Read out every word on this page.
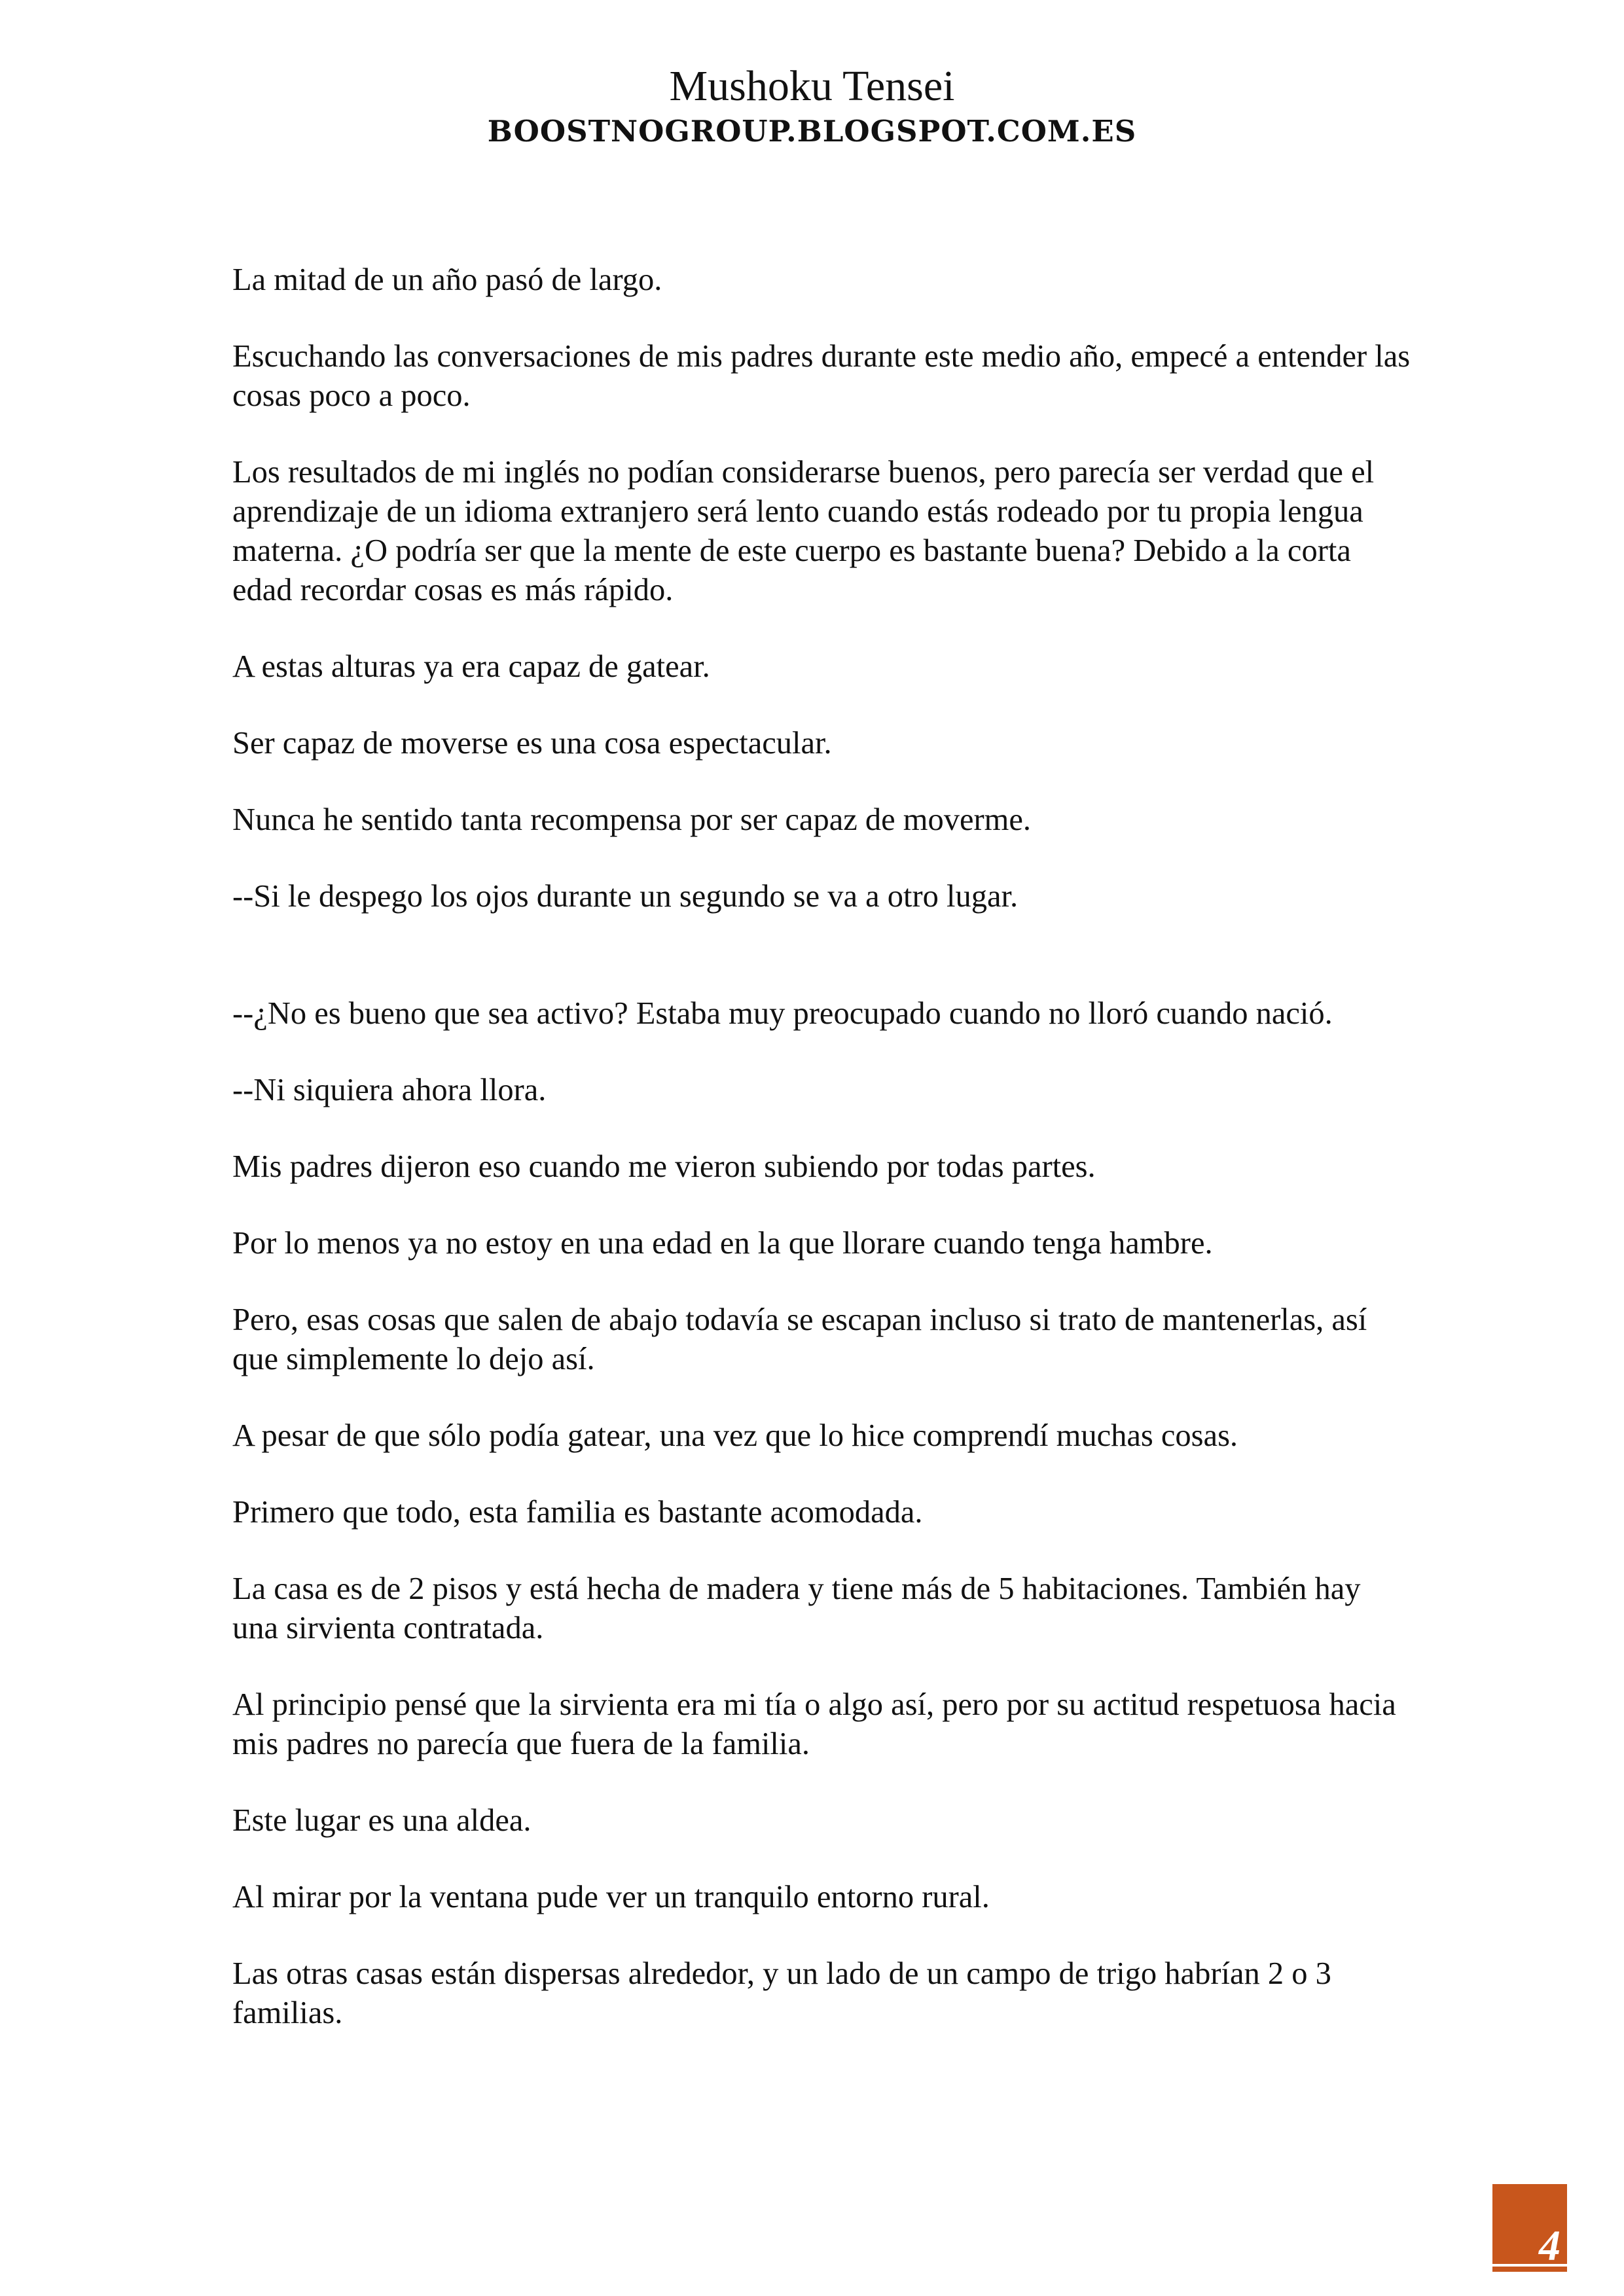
Mushoku Tensei
BOOSTNOGROUP.BLOGSPOT.COM.ES

La mitad de un año pasó de largo.

Escuchando las conversaciones de mis padres durante este medio año, empecé a entender las cosas poco a poco.

Los resultados de mi inglés no podían considerarse buenos, pero parecía ser verdad que el aprendizaje de un idioma extranjero será lento cuando estás rodeado por tu propia lengua materna. ¿O podría ser que la mente de este cuerpo es bastante buena? Debido a la corta edad recordar cosas es más rápido.

A estas alturas ya era capaz de gatear.

Ser capaz de moverse es una cosa espectacular.

Nunca he sentido tanta recompensa por ser capaz de moverme.

--Si le despego los ojos durante un segundo se va a otro lugar.

--¿No es bueno que sea activo? Estaba muy preocupado cuando no lloró cuando nació.

--Ni siquiera ahora llora.

Mis padres dijeron eso cuando me vieron subiendo por todas partes.

Por lo menos ya no estoy en una edad en la que llorare cuando tenga hambre.

Pero, esas cosas que salen de abajo todavía se escapan incluso si trato de mantenerlas, así que simplemente lo dejo así.

A pesar de que sólo podía gatear, una vez que lo hice comprendí muchas cosas.

Primero que todo, esta familia es bastante acomodada.

La casa es de 2 pisos y está hecha de madera y tiene más de 5 habitaciones. También hay una sirvienta contratada.

Al principio pensé que la sirvienta era mi tía o algo así, pero por su actitud respetuosa hacia mis padres no parecía que fuera de la familia.

Este lugar es una aldea.

Al mirar por la ventana pude ver un tranquilo entorno rural.

Las otras casas están dispersas alrededor, y un lado de un campo de trigo habrían 2 o 3 familias.

4
